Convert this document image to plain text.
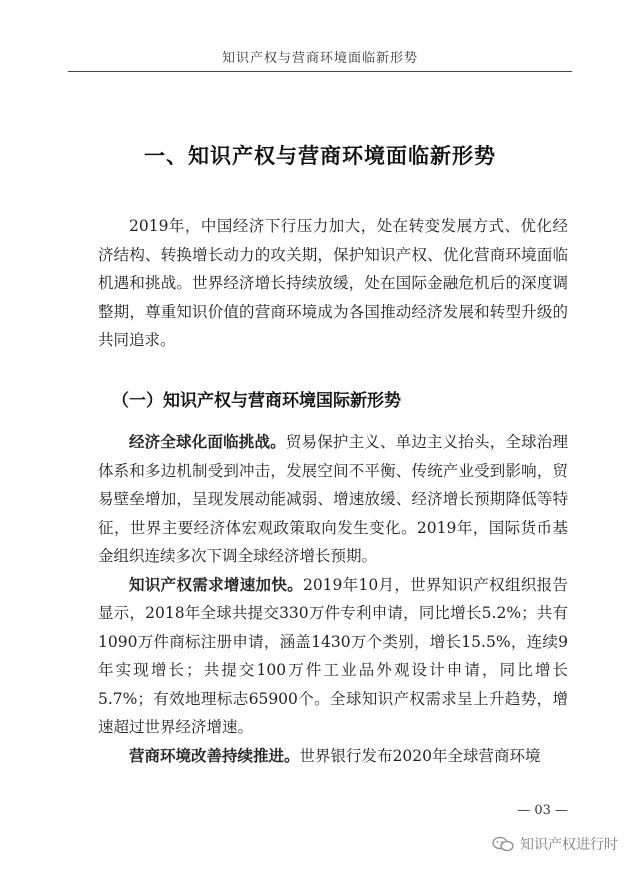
知识产权与营商环境面临新形势
一、知识产权与营商环境面临新形势

2019年，中国经济下行压力加大，处在转变发展方式、优化经济结构、转换增长动力的攻关期，保护知识产权、优化营商环境面临机遇和挑战。世界经济增长持续放缓，处在国际金融危机后的深度调整期，尊重知识价值的营商环境成为各国推动经济发展和转型升级的共同追求。

（一）知识产权与营商环境国际新形势

经济全球化面临挑战。贸易保护主义、单边主义抬头，全球治理体系和多边机制受到冲击，发展空间不平衡、传统产业受到影响，贸易壁垒增加，呈现发展动能减弱、增速放缓、经济增长预期降低等特征，世界主要经济体宏观政策取向发生变化。2019年，国际货币基金组织连续多次下调全球经济增长预期。

知识产权需求增速加快。2019年10月，世界知识产权组织报告显示，2018年全球共提交330万件专利申请，同比增长5.2%；共有1090万件商标注册申请，涵盖1430万个类别，增长15.5%，连续9年实现增长；共提交100万件工业品外观设计申请，同比增长5.7%；有效地理标志65900个。全球知识产权需求呈上升趋势，增速超过世界经济增速。

营商环境改善持续推进。世界银行发布2020年全球营商环境

— 03 —
知识产权进行时
